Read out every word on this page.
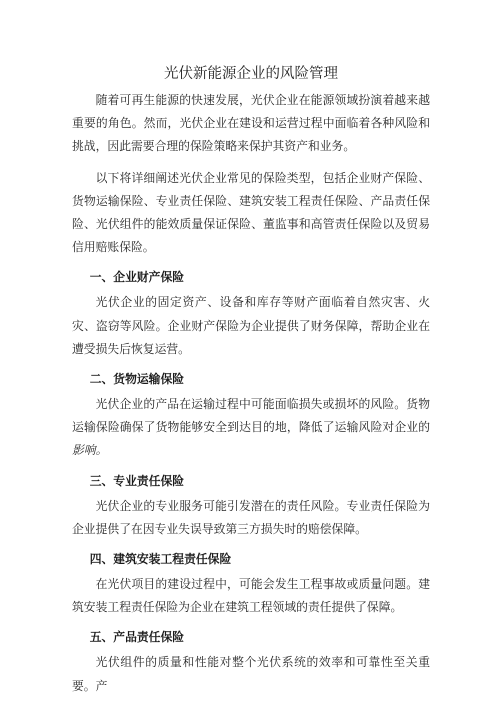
光伏新能源企业的风险管理

随着可再生能源的快速发展，光伏企业在能源领域扮演着越来越重要的角色。然而，光伏企业在建设和运营过程中面临着各种风险和挑战，因此需要合理的保险策略来保护其资产和业务。

以下将详细阐述光伏企业常见的保险类型，包括企业财产保险、货物运输保险、专业责任保险、建筑安装工程责任保险、产品责任保险、光伏组件的能效质量保证保险、董监事和高管责任保险以及贸易信用赔账保险。

一、企业财产保险

光伏企业的固定资产、设备和库存等财产面临着自然灾害、火灾、盗窃等风险。企业财产保险为企业提供了财务保障，帮助企业在遭受损失后恢复运营。

二、货物运输保险

光伏企业的产品在运输过程中可能面临损失或损坏的风险。货物运输保险确保了货物能够安全到达目的地，降低了运输风险对企业的影响。

三、专业责任保险

光伏企业的专业服务可能引发潜在的责任风险。专业责任保险为企业提供了在因专业失误导致第三方损失时的赔偿保障。

四、建筑安装工程责任保险

在光伏项目的建设过程中，可能会发生工程事故或质量问题。建筑安装工程责任保险为企业在建筑工程领域的责任提供了保障。

五、产品责任保险

光伏组件的质量和性能对整个光伏系统的效率和可靠性至关重要。产
